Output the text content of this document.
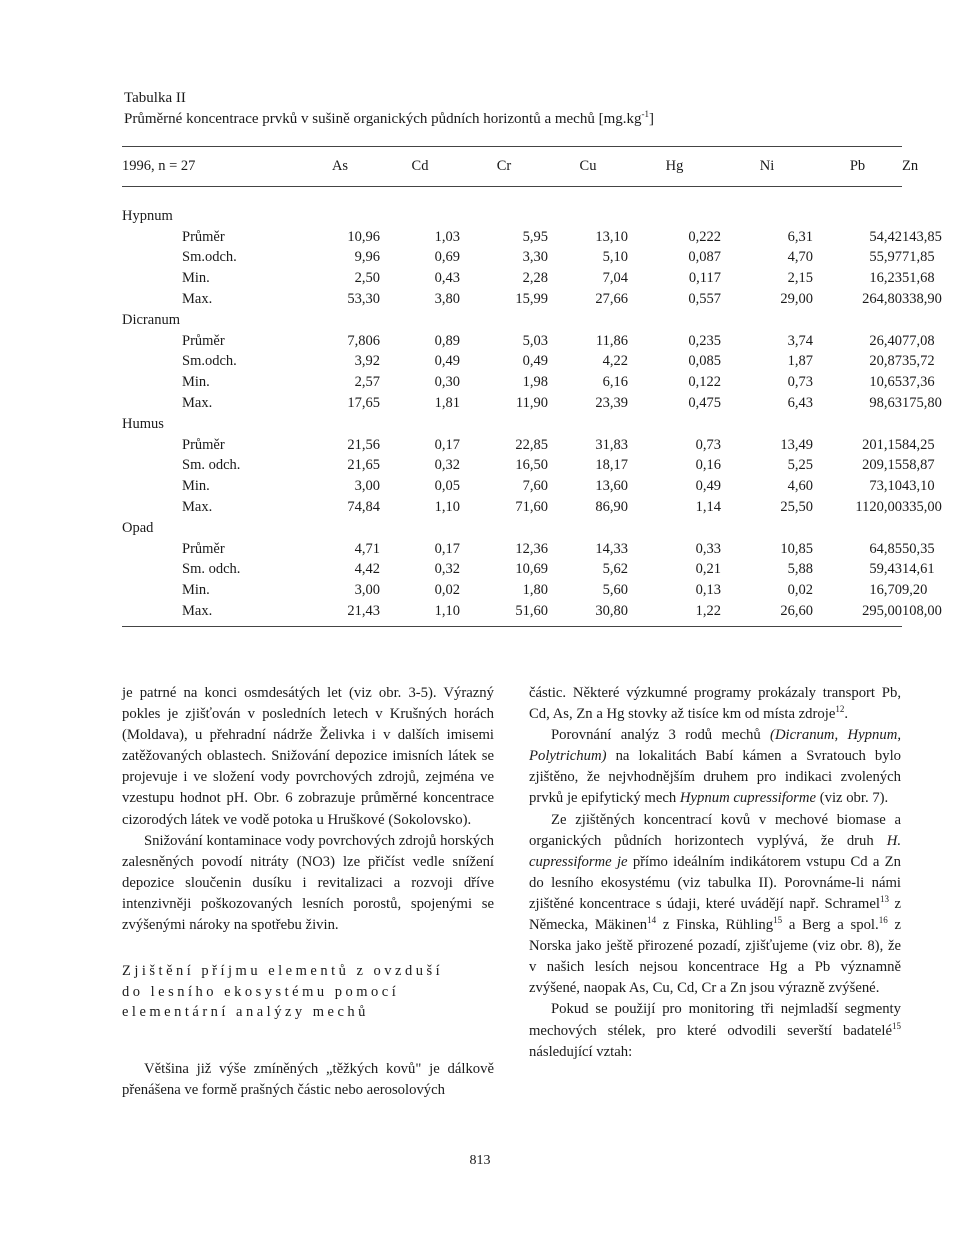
Tabulka II
Průměrné koncentrace prvků v sušině organických půdních horizontů a mechů $[mg.kg^{-1}]$
1996, n = 27		As	Cd	Cr	Cu	Hg	Ni	Pb	Zn
Hypnum									
	Průměr	10,96	1,03	5,95	13,10	0,222	6,31	54,42	143,85
	Sm.odch.	9,96	0,69	3,30	5,10	0,087	4,70	55,97	71,85
	Min.	2,50	0,43	2,28	7,04	0,117	2,15	16,23	51,68
	Max.	53,30	3,80	15,99	27,66	0,557	29,00	264,80	338,90
Dicranum									
	Průměr	7,806	0,89	5,03	11,86	0,235	3,74	26,40	77,08
	Sm.odch.	3,92	0,49	0,49	4,22	0,085	1,87	20,87	35,72
	Min.	2,57	0,30	1,98	6,16	0,122	0,73	10,65	37,36
	Max.	17,65	1,81	11,90	23,39	0,475	6,43	98,63	175,80
Humus									
	Průměr	21,56	0,17	22,85	31,83	0,73	13,49	201,15	84,25
	Sm. odch.	21,65	0,32	16,50	18,17	0,16	5,25	209,15	58,87
	Min.	3,00	0,05	7,60	13,60	0,49	4,60	73,10	43,10
	Max.	74,84	1,10	71,60	86,90	1,14	25,50	1120,00	335,00
Opad									
	Průměr	4,71	0,17	12,36	14,33	0,33	10,85	64,85	50,35
	Sm. odch.	4,42	0,32	10,69	5,62	0,21	5,88	59,43	14,61
	Min.	3,00	0,02	1,80	5,60	0,13	0,02	16,70	9,20
	Max.	21,43	1,10	51,60	30,80	1,22	26,60	295,00	108,00

je patrné na konci osmdesátých let (viz obr. 3-5). Výrazný pokles je zjišťován v posledních letech v Krušných horách (Moldava), u přehradní nádrže Želivka i v dalších imisemi zatěžovaných oblastech. Snižování depozice imisních látek se projevuje i ve složení vody povrchových zdrojů, zejména ve vzestupu hodnot pH. Obr. 6 zobrazuje průměrné koncentrace cizorodých látek ve vodě potoka u Hruškové (Sokolovsko).

Snižování kontaminace vody povrchových zdrojů horských zalesněných povodí nitráty (NO3) lze přičíst vedle snížení depozice sloučenin dusíku i revitalizaci a rozvoji dříve intenzivněji poškozovaných lesních porostů, spojenými se zvýšenými nároky na spotřebu živin.

Zjištění příjmu elementů z ovzduší

do lesního ekosystému pomocí

elementární analýzy mechů

Většina již výše zmíněných „těžkých kovů" je dálkově přenášena ve formě prašných částic nebo aerosolových

částic. Některé výzkumné programy prokázaly transport Pb, Cd, As, Zn a Hg stovky až tisíce km od místa zdroje$^{12}$.

Porovnání analýz 3 rodů mechů (Dicranum, Hypnum, Polytrichum) na lokalitách Babí kámen a Svratouch bylo zjištěno, že nejvhodnějším druhem pro indikaci zvolených prvků je epifytický mech Hypnum cupressiforme (viz obr. 7).

Ze zjištěných koncentrací kovů v mechové biomase a organických půdních horizontech vyplývá, že druh H. cupressiforme je přímo ideálním indikátorem vstupu Cd a Zn do lesního ekosystému (viz tabulka II). Porovnáme-li námi zjištěné koncentrace s údaji, které uvádějí např. Schramel$^{13}$ z Německa, Mäkinen$^{14}$ z Finska, Rühling$^{15}$ a Berg a spol.$^{16}$ z Norska jako ještě přirozené pozadí, zjišťujeme (viz obr. 8), že v našich lesích nejsou koncentrace Hg a Pb významně zvýšené, naopak As, Cu, Cd, Cr a Zn jsou výrazně zvýšené.

Pokud se použijí pro monitoring tři nejmladší segmenty mechových stélek, pro které odvodili severští badatelé$^{15}$ následující vztah:

813
